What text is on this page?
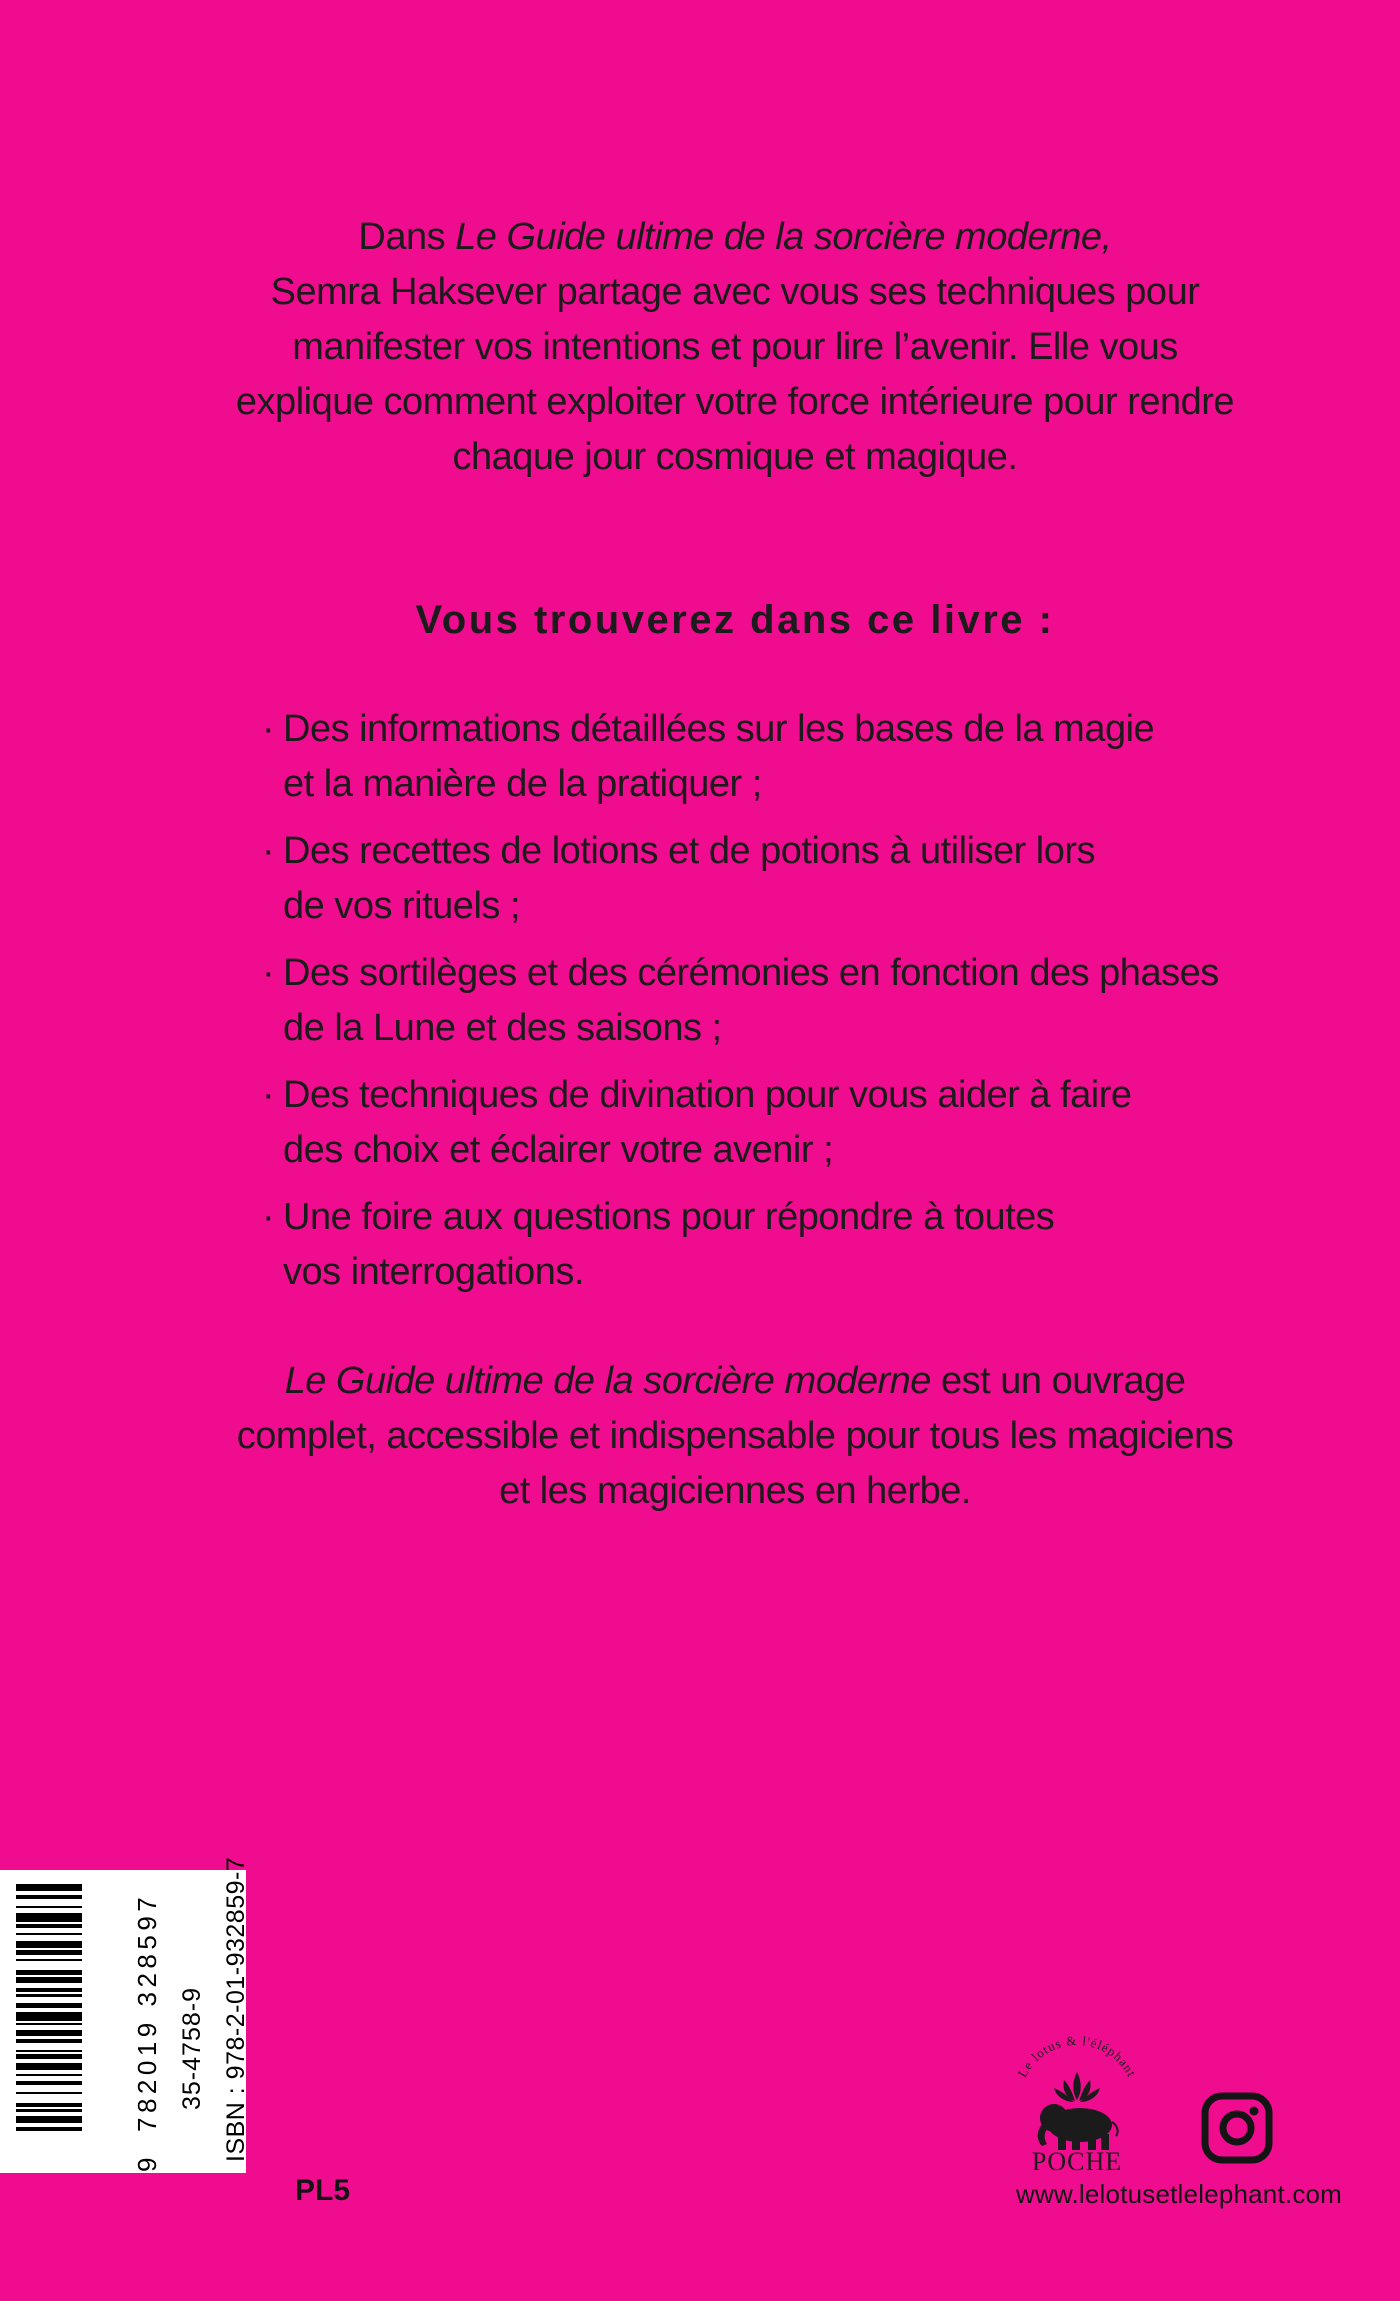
Dans Le Guide ultime de la sorcière moderne,
Semra Haksever partage avec vous ses techniques pour
manifester vos intentions et pour lire l’avenir. Elle vous
explique comment exploiter votre force intérieure pour rendre
chaque jour cosmique et magique.
Vous trouverez dans ce livre :
· Des informations détaillées sur les bases de la magie
et la manière de la pratiquer ;
· Des recettes de lotions et de potions à utiliser lors
de vos rituels ;
· Des sortilèges et des cérémonies en fonction des phases
de la Lune et des saisons ;
· Des techniques de divination pour vous aider à faire
des choix et éclairer votre avenir ;
· Une foire aux questions pour répondre à toutes
vos interrogations.
Le Guide ultime de la sorcière moderne est un ouvrage
complet, accessible et indispensable pour tous les magiciens
et les magiciennes en herbe.
9
782019 328597 35-4758-9 ISBN : 978-2-01-932859-7
PL5
Le lotus & l'éléphant
POCHE
www.lelotusetlelephant.com
